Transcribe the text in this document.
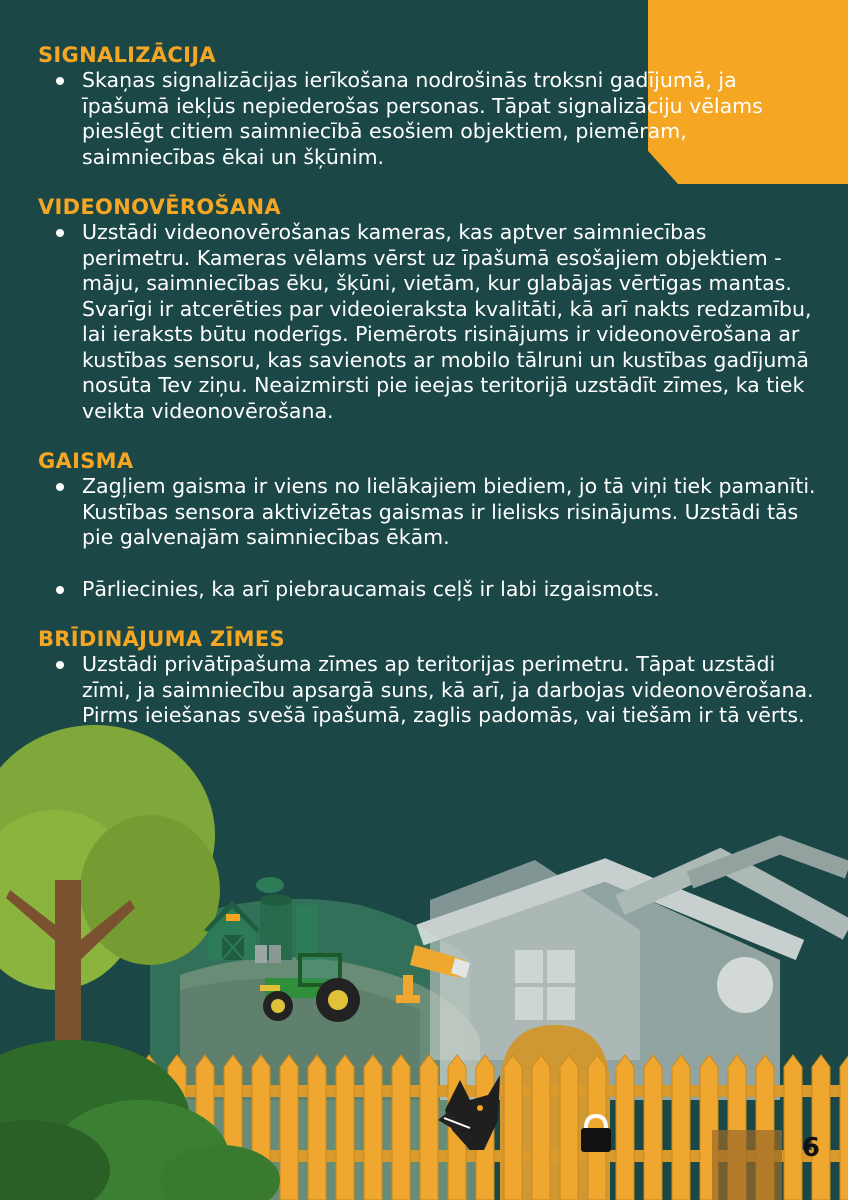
SIGNALIZĀCIJA
Skaņas signalizācijas ierīkošana nodrošinās troksni gadījumā, ja īpašumā iekļūs nepiederošas personas. Tāpat signalizāciju vēlams pieslēgt citiem saimniecībā esošiem objektiem, piemēram, saimniecības ēkai un šķūnim.
VIDEONOVĒROŠANA
Uzstādi videonovērošanas kameras, kas aptver saimniecības perimetru. Kameras vēlams vērst uz īpašumā esošajiem objektiem - māju, saimniecības ēku, šķūni, vietām, kur glabājas vērtīgas mantas. Svarīgi ir atcerēties par videoieraksta kvalitāti, kā arī nakts redzamību, lai ieraksts būtu noderīgs. Piemērots risinājums ir videonovērošana ar kustības sensoru, kas savienots ar mobilo tālruni un kustības gadījumā nosūta Tev ziņu. Neaizmirsti pie ieejas teritorijā uzstādīt zīmes, ka tiek veikta videonovērošana.
GAISMA
Zagļiem gaisma ir viens no lielākajiem biediem, jo tā viņi tiek pamanīti. Kustības sensora aktivizētas gaismas ir lielisks risinājums. Uzstādi tās pie galvenajām saimniecības ēkām.
Pārliecinies, ka arī piebraucamais ceļš ir labi izgaismots.
BRĪDINĀJUMA ZĪMES
Uzstādi privātīpašuma zīmes ap teritorijas perimetru. Tāpat uzstādi zīmi, ja saimniecību apsargā suns, kā arī, ja darbojas videonovērošana. Pirms ieiešanas svešā īpašumā, zaglis padomās, vai tiešām ir tā vērts.
6
